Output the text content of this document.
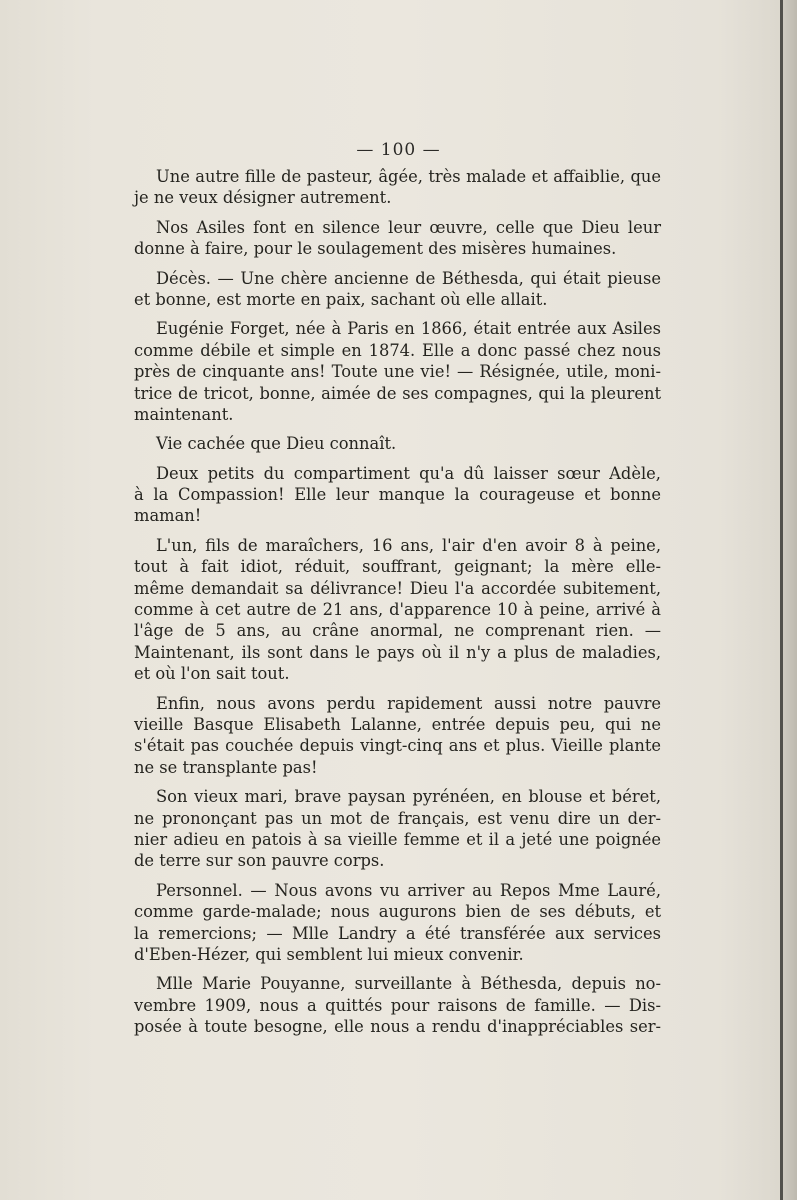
— 100 —
Une autre fille de pasteur, âgée, très malade et affaiblie, que
je ne veux désigner autrement.
Nos Asiles font en silence leur œuvre, celle que Dieu leur
donne à faire, pour le soulagement des misères humaines.
Décès. — Une chère ancienne de Béthesda, qui était pieuse
et bonne, est morte en paix, sachant où elle allait.
Eugénie Forget, née à Paris en 1866, était entrée aux Asiles
comme débile et simple en 1874. Elle a donc passé chez nous
près de cinquante ans! Toute une vie! — Résignée, utile, moni-
trice de tricot, bonne, aimée de ses compagnes, qui la pleurent
maintenant.
Vie cachée que Dieu connaît.
Deux petits du compartiment qu'a dû laisser sœur Adèle,
à la Compassion! Elle leur manque la courageuse et bonne
maman!
L'un, fils de maraîchers, 16 ans, l'air d'en avoir 8 à peine,
tout à fait idiot, réduit, souffrant, geignant; la mère elle-
même demandait sa délivrance! Dieu l'a accordée subitement,
comme à cet autre de 21 ans, d'apparence 10 à peine, arrivé à
l'âge de 5 ans, au crâne anormal, ne comprenant rien. —
Maintenant, ils sont dans le pays où il n'y a plus de maladies,
et où l'on sait tout.
Enfin, nous avons perdu rapidement aussi notre pauvre
vieille Basque Elisabeth Lalanne, entrée depuis peu, qui ne
s'était pas couchée depuis vingt-cinq ans et plus. Vieille plante
ne se transplante pas!
Son vieux mari, brave paysan pyrénéen, en blouse et béret,
ne prononçant pas un mot de français, est venu dire un der-
nier adieu en patois à sa vieille femme et il a jeté une poignée
de terre sur son pauvre corps.
Personnel. — Nous avons vu arriver au Repos Mme Lauré,
comme garde-malade; nous augurons bien de ses débuts, et
la remercions; — Mlle Landry a été transférée aux services
d'Eben-Hézer, qui semblent lui mieux convenir.
Mlle Marie Pouyanne, surveillante à Béthesda, depuis no-
vembre 1909, nous a quittés pour raisons de famille. — Dis-
posée à toute besogne, elle nous a rendu d'inappréciables ser-
